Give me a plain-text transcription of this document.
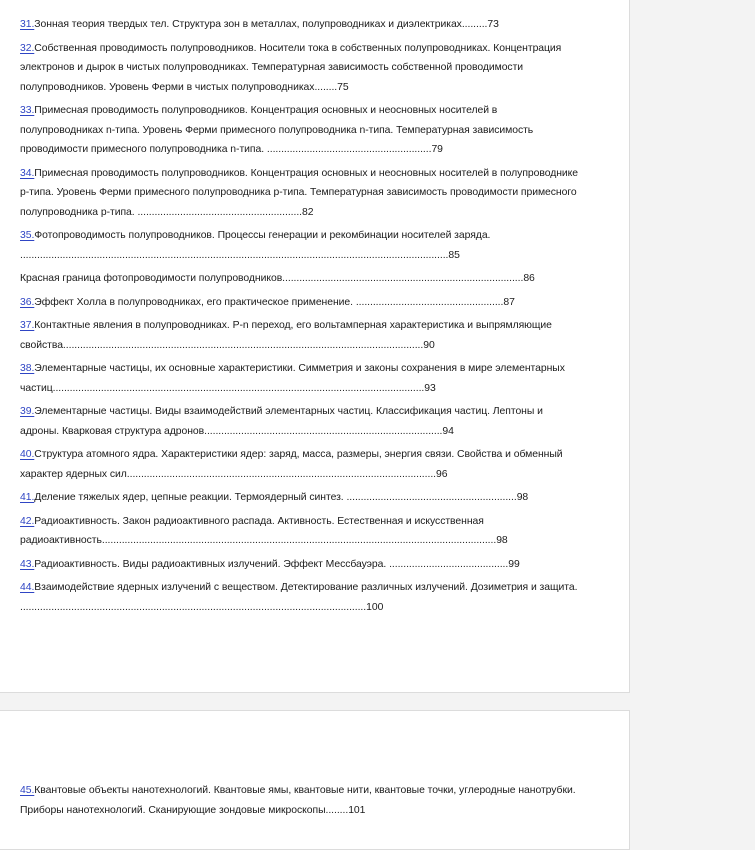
31.Зонная теория твердых тел. Структура зон в металлах, полупроводниках и диэлектриках.........73

32.Собственная проводимость полупроводников. Носители тока в собственных полупроводниках. Концентрация электронов и дырок в чистых полупроводниках. Температурная зависимость собственной проводимости полупроводников. Уровень Ферми в чистых полупроводниках........75

33.Примесная проводимость полупроводников. Концентрация основных и неосновных носителей в полупроводниках n-типа. Уровень Ферми примесного полупроводника n-типа. Температурная зависимость проводимости примесного полупроводника n-типа. ..........................................................79

34.Примесная проводимость полупроводников. Концентрация основных и неосновных носителей в полупроводнике p-типа. Уровень Ферми примесного полупроводника p-типа. Температурная зависимость проводимости примесного полупроводника p-типа. ..........................................................82

35.Фотопроводимость полупроводников. Процессы генерации и рекомбинации носителей заряда. .......................................................................................................................................................85

Красная граница фотопроводимости полупроводников.....................................................................................86

36.Эффект Холла в полупроводниках, его практическое применение. ....................................................87

37.Контактные явления в полупроводниках. P-n переход, его вольтамперная характеристика и выпрямляющие свойства...............................................................................................................................90

38.Элементарные частицы, их основные характеристики. Симметрия и законы сохранения в мире элементарных частиц...................................................................................................................................93

39.Элементарные частицы. Виды взаимодействий элементарных частиц. Классификация частиц. Лептоны и адроны. Кварковая структура адронов....................................................................................94

40.Структура атомного ядра. Характеристики ядер: заряд, масса, размеры, энергия связи. Свойства и обменный характер ядерных сил.............................................................................................................96

41.Деление тяжелых ядер, цепные реакции. Термоядерный синтез. ............................................................98

42.Радиоактивность. Закон радиоактивного распада. Активность. Естественная и искусственная радиоактивность...........................................................................................................................................98

43.Радиоактивность. Виды радиоактивных излучений. Эффект Мессбауэра. ..........................................99

44.Взаимодействие ядерных излучений с веществом. Детектирование различных излучений. Дозиметрия и защита. ..........................................................................................................................100

45.Квантовые объекты нанотехнологий. Квантовые ямы, квантовые нити, квантовые точки, углеродные нанотрубки. Приборы нанотехнологий. Сканирующие зондовые микроскопы........101
